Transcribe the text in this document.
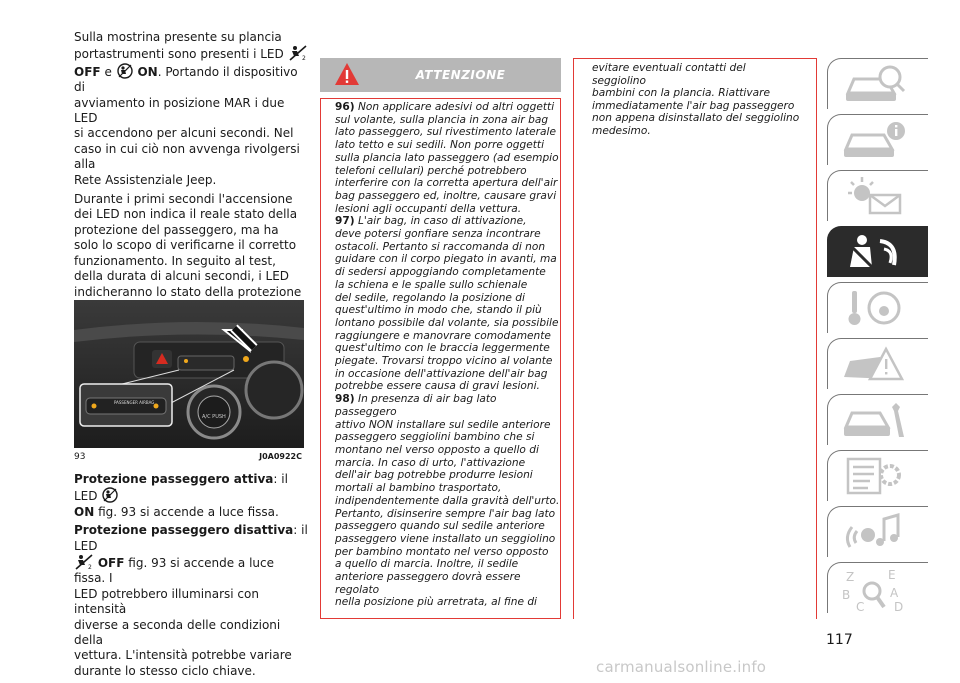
Sulla mostrina presente su plancia
portastrumenti sono presenti i LED	2

OFF e ON. Portando il dispositivo di
avviamento in posizione MAR i due LED
si accendono per alcuni secondi. Nel
caso in cui ciò non avvenga rivolgersi alla
Rete Assistenziale Jeep.

Durante i primi secondi l'accensione
dei LED non indica il reale stato della
protezione del passeggero, ma ha
solo lo scopo di verificarne il corretto
funzionamento. In seguito al test,
della durata di alcuni secondi, i LED
indicheranno lo stato della protezione

PASSENGER AIRBAG
A/C PUSH
93	J0A0922C

Protezione passeggero attiva: il LED
ON fig. 93 si accende a luce fissa.

Protezione passeggero disattiva: il LED

2 OFF fig. 93 si accende a luce fissa. I
LED potrebbero illuminarsi con intensità
diverse a seconda delle condizioni della
vettura. L'intensità potrebbe variare
durante lo stesso ciclo chiave.

ATTENZIONE

96) Non applicare adesivi od altri oggetti
sul volante, sulla plancia in zona air bag
lato passeggero, sul rivestimento laterale
lato tetto e sui sedili. Non porre oggetti
sulla plancia lato passeggero (ad esempio
telefoni cellulari) perché potrebbero
interferire con la corretta apertura dell'air
bag passeggero ed, inoltre, causare gravi
lesioni agli occupanti della vettura.

97) L'air bag, in caso di attivazione,
deve potersi gonfiare senza incontrare
ostacoli. Pertanto si raccomanda di non
guidare con il corpo piegato in avanti, ma
di sedersi appoggiando completamente
la schiena e le spalle sullo schienale
del sedile, regolando la posizione di
quest'ultimo in modo che, stando il più
lontano possibile dal volante, sia possibile
raggiungere e manovrare comodamente
quest'ultimo con le braccia leggermente
piegate. Trovarsi troppo vicino al volante
in occasione dell'attivazione dell'air bag
potrebbe essere causa di gravi lesioni.

98) In presenza di air bag lato passeggero
attivo NON installare sul sedile anteriore
passeggero seggiolini bambino che si
montano nel verso opposto a quello di
marcia. In caso di urto, l'attivazione
dell'air bag potrebbe produrre lesioni
mortali al bambino trasportato,
indipendentemente dalla gravità dell'urto.
Pertanto, disinserire sempre l'air bag lato
passeggero quando sul sedile anteriore
passeggero viene installato un seggiolino
per bambino montato nel verso opposto
a quello di marcia. Inoltre, il sedile
anteriore passeggero dovrà essere regolato
nella posizione più arretrata, al fine di

evitare eventuali contatti del seggiolino
bambini con la plancia. Riattivare
immediatamente l'air bag passeggero
non appena disinstallato del seggiolino
medesimo.

Z	E
B	A
C D
117
carmanualsonline.info
